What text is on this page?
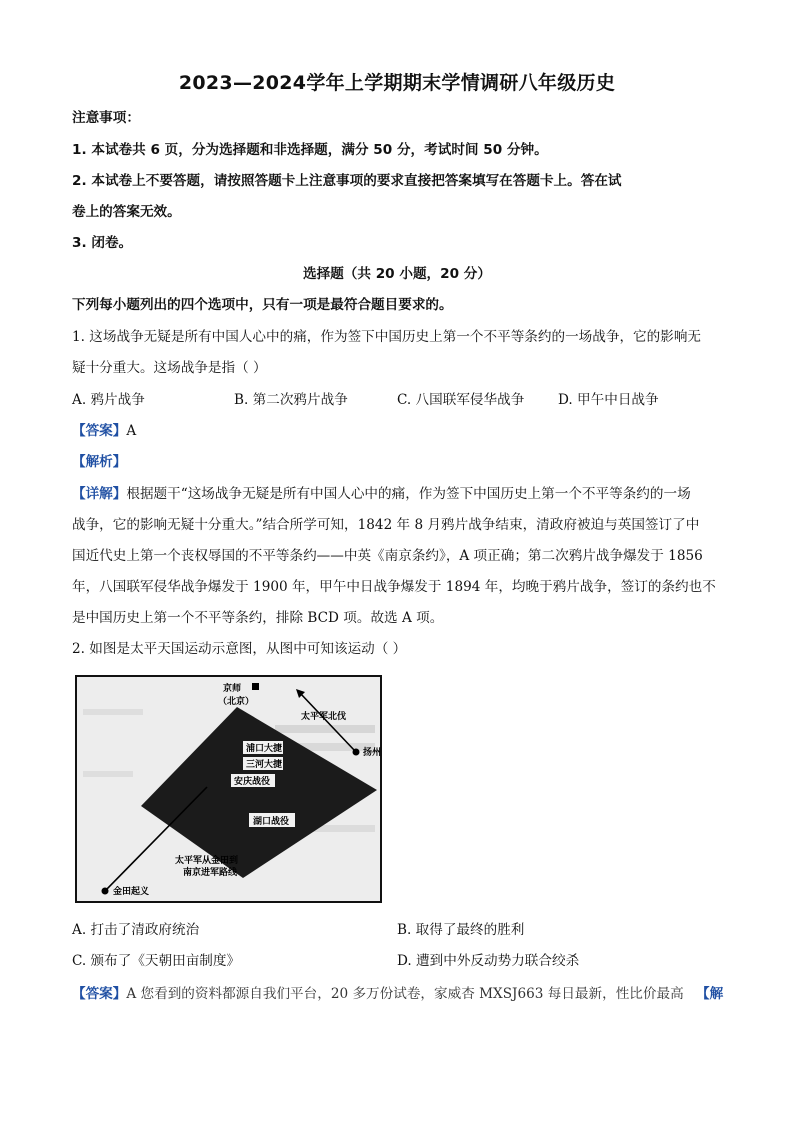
2023—2024学年上学期期末学情调研八年级历史
注意事项：
1. 本试卷共 6 页，分为选择题和非选择题，满分 50 分，考试时间 50 分钟。
2. 本试卷上不要答题，请按照答题卡上注意事项的要求直接把答案填写在答题卡上。答在试
卷上的答案无效。
3. 闭卷。
选择题（共 20 小题，20 分）
下列每小题列出的四个选项中，只有一项是最符合题目要求的。
1. 这场战争无疑是所有中国人心中的痛，作为签下中国历史上第一个不平等条约的一场战争，它的影响无
疑十分重大。这场战争是指（ ）
A. 鸦片战争	B. 第二次鸦片战争	C. 八国联军侵华战争 D. 甲午中日战争
【答案】A
【解析】
【详解】根据题干“这场战争无疑是所有中国人心中的痛，作为签下中国历史上第一个不平等条约的一场
战争，它的影响无疑十分重大。”结合所学可知，1842 年 8 月鸦片战争结束，清政府被迫与英国签订了中
国近代史上第一个丧权辱国的不平等条约——中英《南京条约》，A 项正确；第二次鸦片战争爆发于 1856
年，八国联军侵华战争爆发于 1900 年，甲午中日战争爆发于 1894 年，均晚于鸦片战争，签订的条约也不
是中国历史上第一个不平等条约，排除 BCD 项。故选 A 项。
2. 如图是太平天国运动示意图，从图中可知该运动（ ）
京师
（北京）
太平军北伐
扬州
浦口大捷
三河大捷
安庆战役
湖口战役
金田起义
太平军从金田到
南京进军路线
A. 打击了清政府统治	B. 取得了最终的胜利
C. 颁布了《天朝田亩制度》	D. 遭到中外反动势力联合绞杀
【答案】A 您看到的资料都源自我们平台，20 多万份试卷，家威杏 MXSJ663 每日最新，性比价最高 【解
